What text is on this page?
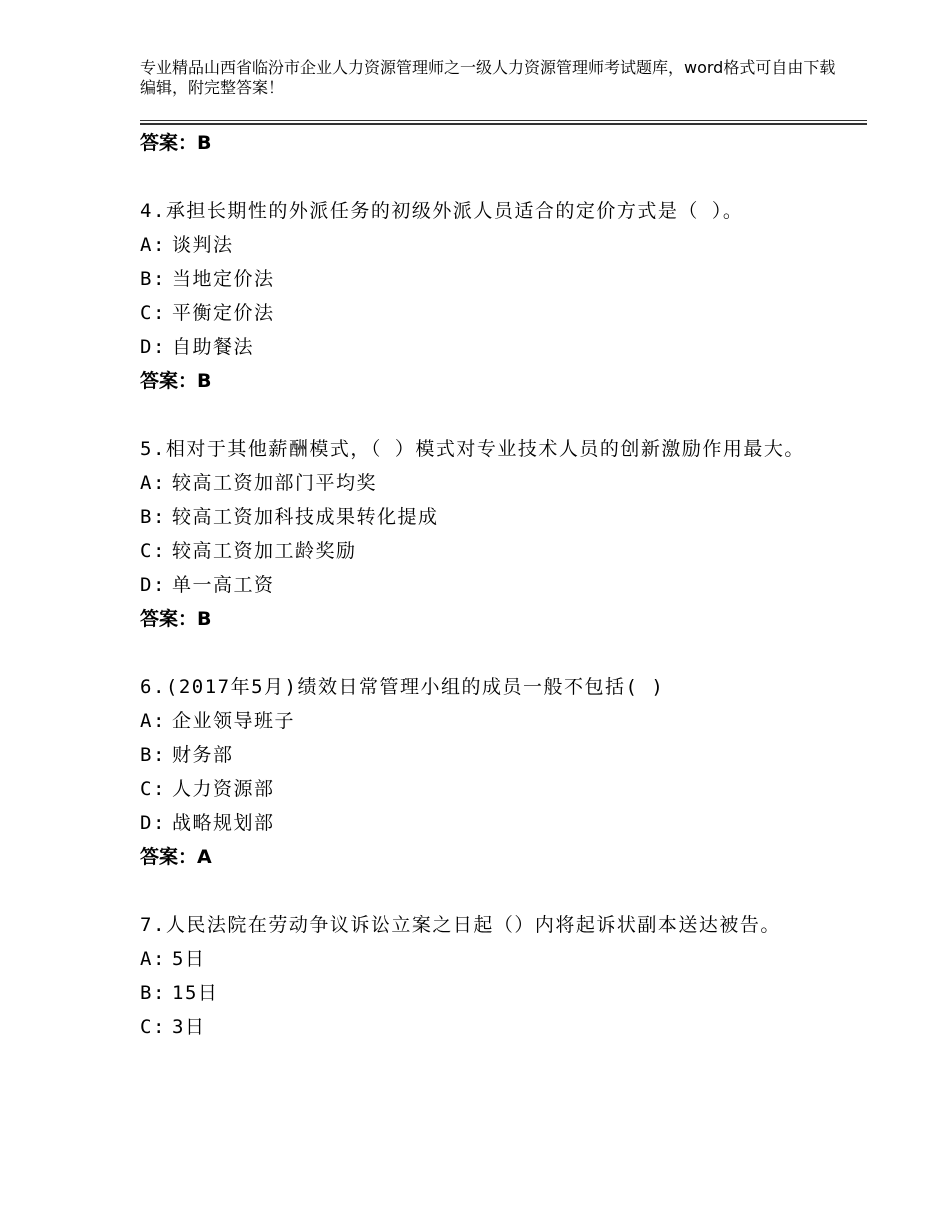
专业精品山西省临汾市企业人力资源管理师之一级人力资源管理师考试题库，word格式可自由下载编辑，附完整答案！
答案：B
4.承担长期性的外派任务的初级外派人员适合的定价方式是（ ）。
A: 谈判法
B: 当地定价法
C: 平衡定价法
D: 自助餐法
答案：B
5.相对于其他薪酬模式，（ ）模式对专业技术人员的创新激励作用最大。
A: 较高工资加部门平均奖
B: 较高工资加科技成果转化提成
C: 较高工资加工龄奖励
D: 单一高工资
答案：B
6.(2017年5月)绩效日常管理小组的成员一般不包括( )
A: 企业领导班子
B: 财务部
C: 人力资源部
D: 战略规划部
答案：A
7.人民法院在劳动争议诉讼立案之日起（）内将起诉状副本送达被告。
A: 5日
B: 15日
C: 3日
